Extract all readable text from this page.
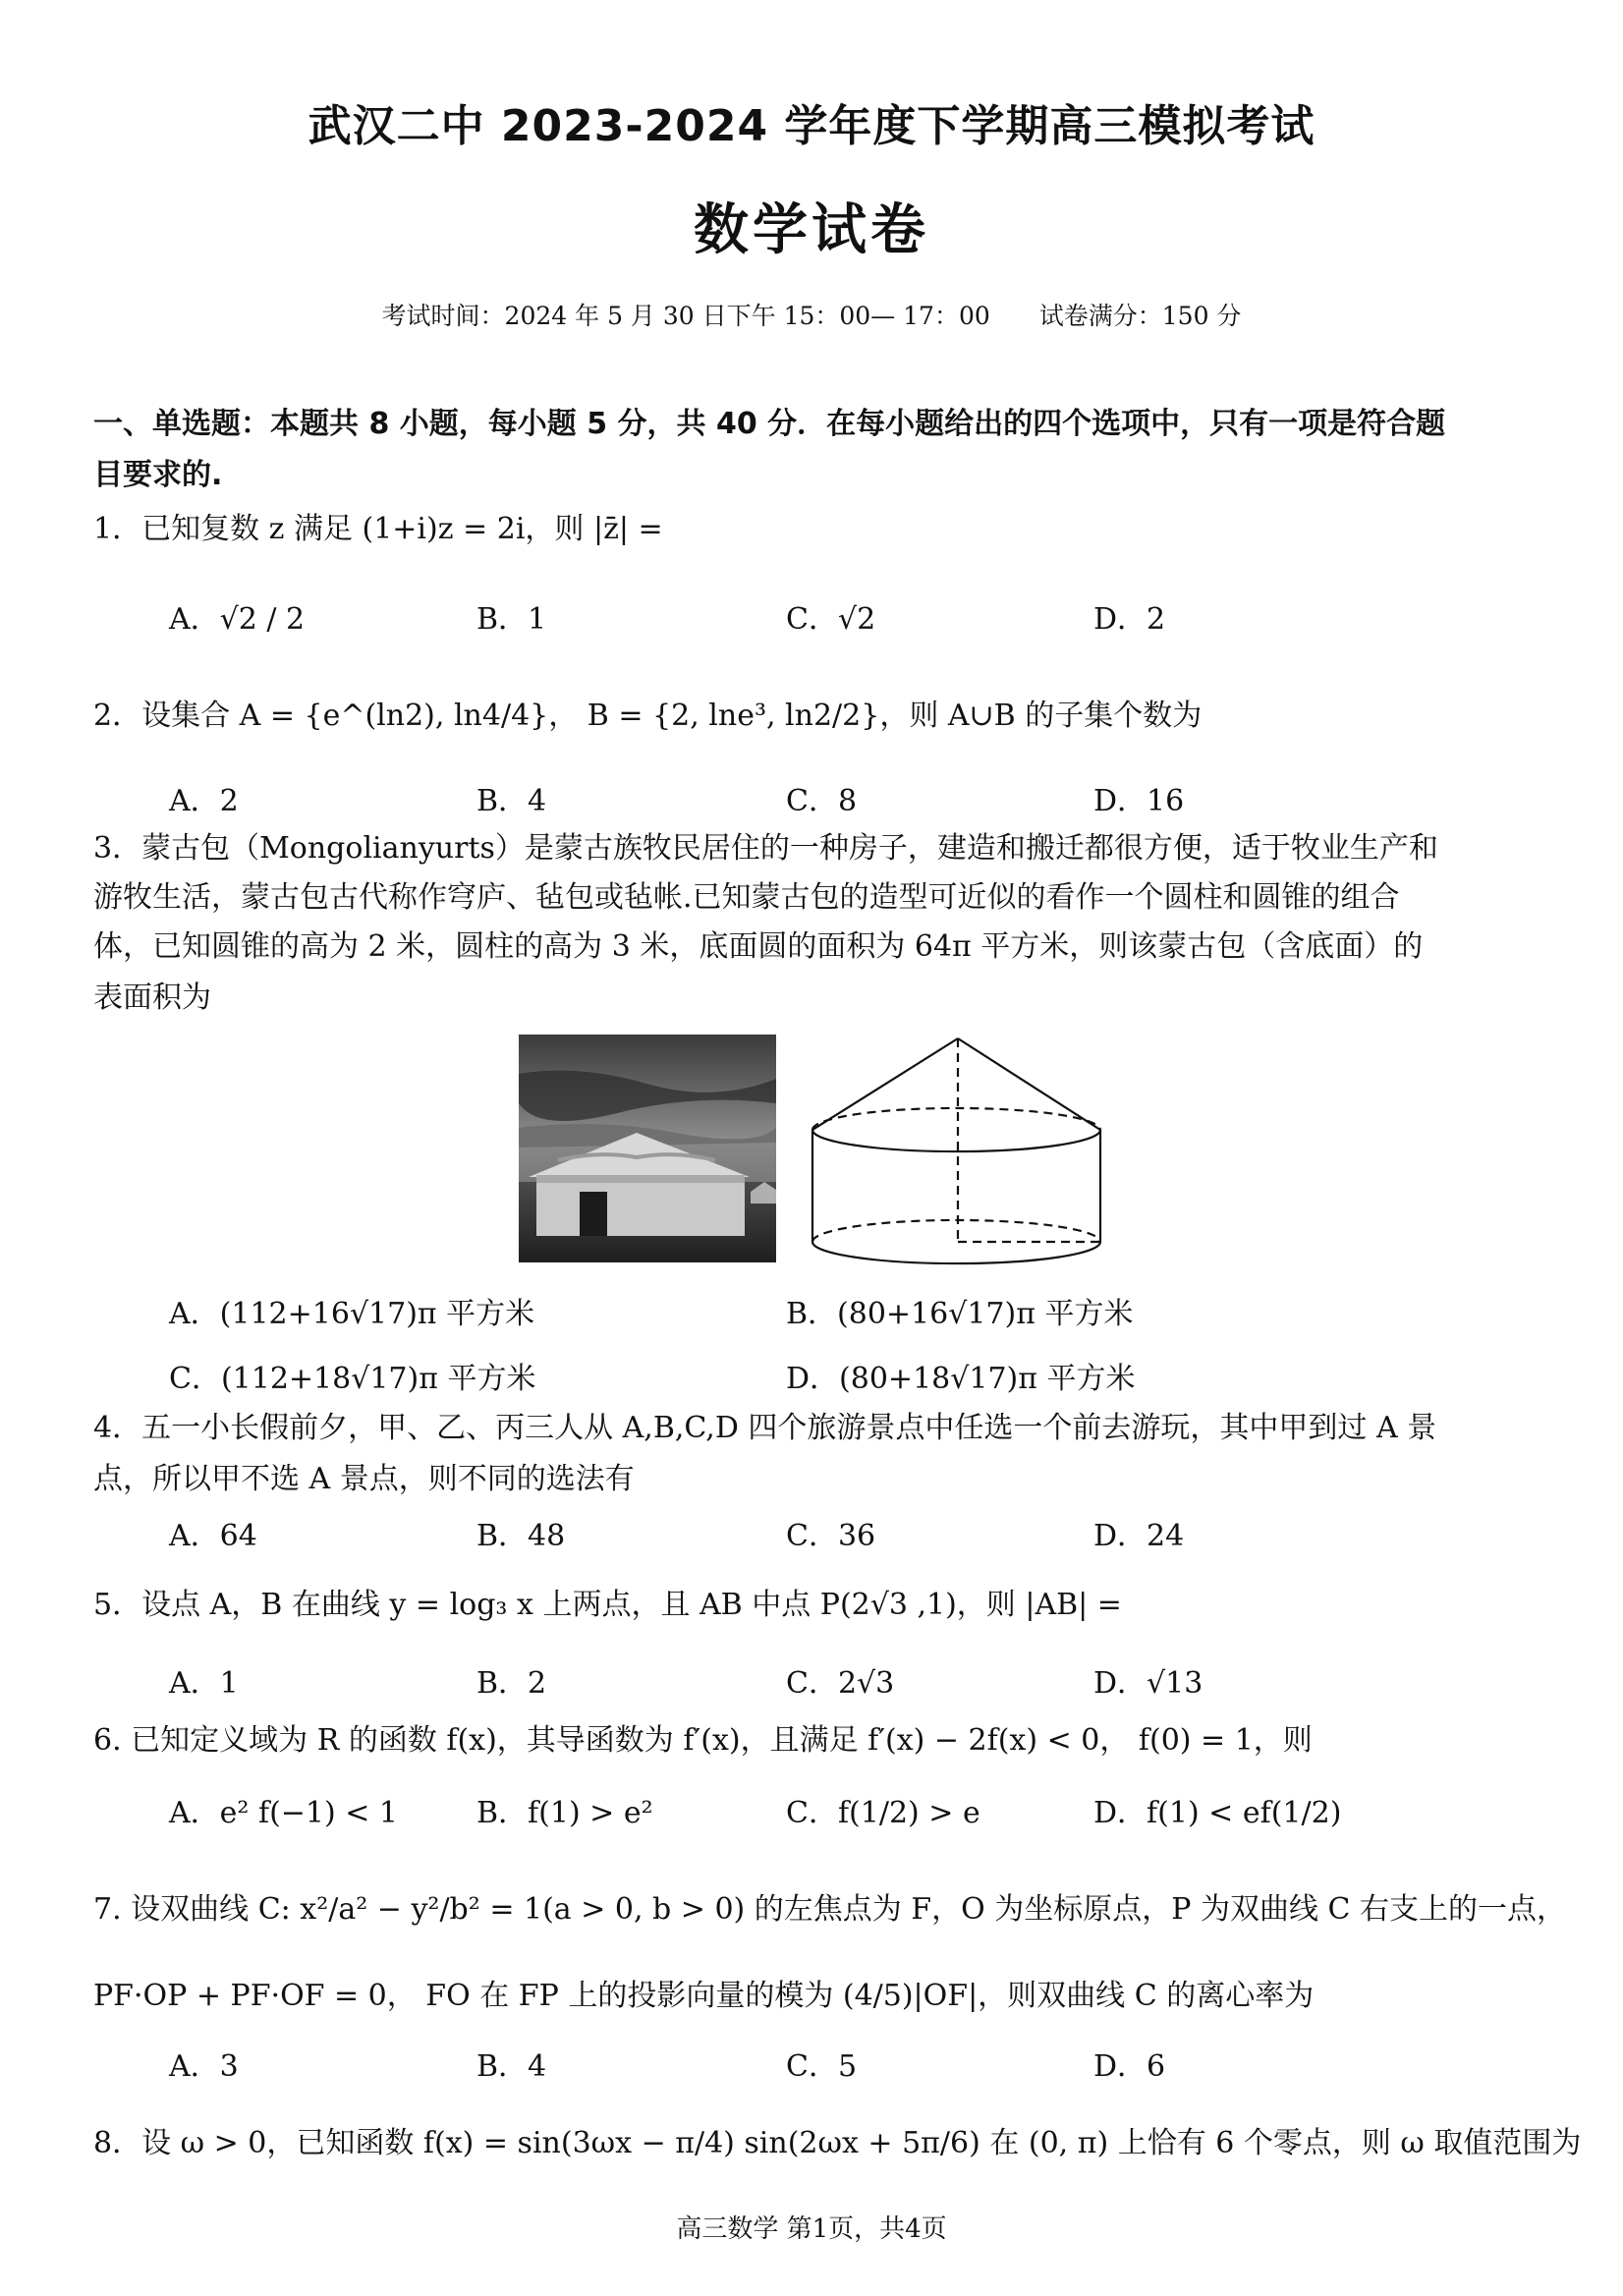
武汉二中 2023-2024 学年度下学期高三模拟考试
数学试卷
考试时间：2024 年 5 月 30 日下午 15：00— 17：00　　试卷满分：150 分
一、单选题：本题共 8 小题，每小题 5 分，共 40 分．在每小题给出的四个选项中，只有一项是符合题
目要求的.
1．已知复数 z 满足 (1+i)z = 2i，则 |z̄| =
A．√2 / 2	B．1	C．√2	D．2
2．设集合 A = {e^(ln2), ln4/4}， B = {2, lne³, ln2/2}，则 A∪B 的子集个数为
A．2	B．4	C．8	D．16
3．蒙古包（Mongolianyurts）是蒙古族牧民居住的一种房子，建造和搬迁都很方便，适于牧业生产和
游牧生活，蒙古包古代称作穹庐、毡包或毡帐.已知蒙古包的造型可近似的看作一个圆柱和圆锥的组合
体，已知圆锥的高为 2 米，圆柱的高为 3 米，底面圆的面积为 64π 平方米，则该蒙古包（含底面）的
表面积为
A．(112+16√17)π 平方米	B．(80+16√17)π 平方米
C．(112+18√17)π 平方米	D．(80+18√17)π 平方米
4．五一小长假前夕，甲、乙、丙三人从 A,B,C,D 四个旅游景点中任选一个前去游玩，其中甲到过 A 景
点，所以甲不选 A 景点，则不同的选法有
A．64	B．48	C．36	D．24
5．设点 A，B 在曲线 y = log₃ x 上两点，且 AB 中点 P(2√3 ,1)，则 |AB| =
A．1	B．2	C．2√3	D．√13
6. 已知定义域为 R 的函数 f(x)，其导函数为 f′(x)，且满足 f′(x) − 2f(x) < 0， f(0) = 1，则
A．e² f(−1) < 1	B．f(1) > e²	C．f(1/2) > e	D．f(1) < ef(1/2)
7. 设双曲线 C: x²/a² − y²/b² = 1(a > 0, b > 0) 的左焦点为 F，O 为坐标原点，P 为双曲线 C 右支上的一点，
PF·OP + PF·OF = 0， FO 在 FP 上的投影向量的模为 (4/5)|OF|，则双曲线 C 的离心率为
A．3	B．4	C．5	D．6
8．设 ω > 0，已知函数 f(x) = sin(3ωx − π/4) sin(2ωx + 5π/6) 在 (0, π) 上恰有 6 个零点，则 ω 取值范围为
高三数学 第1页，共4页
